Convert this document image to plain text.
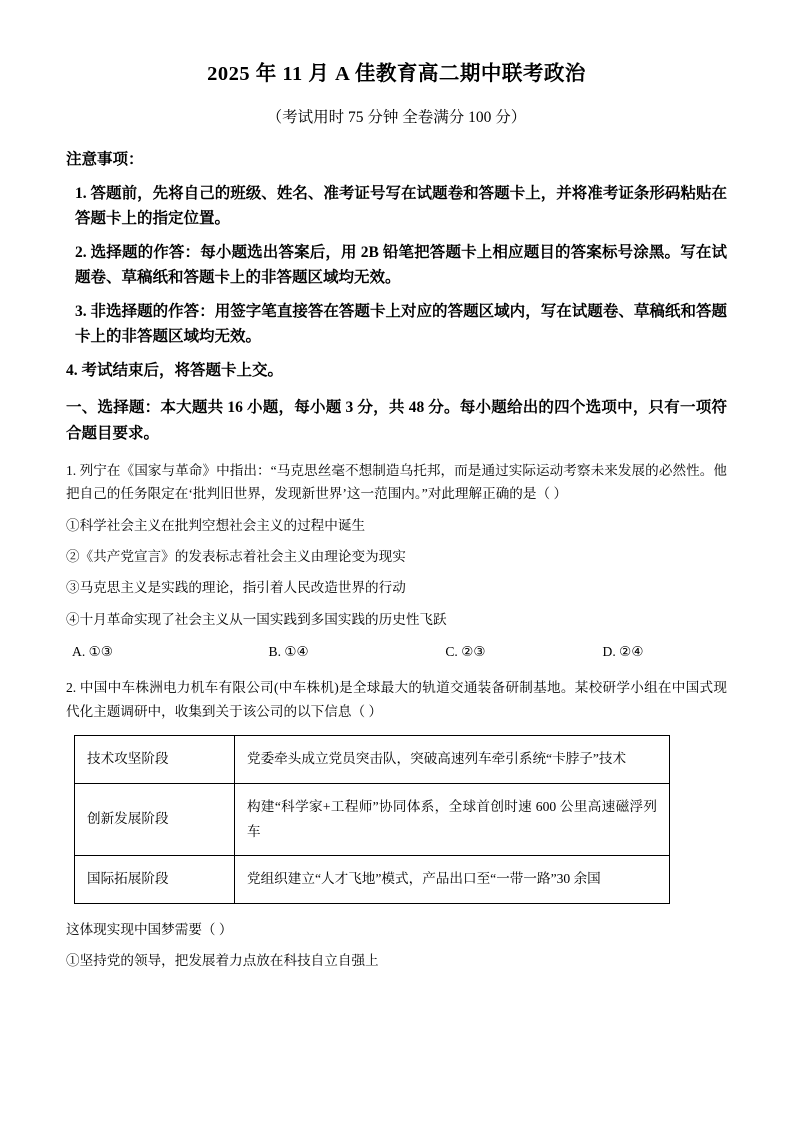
2025 年 11 月 A 佳教育高二期中联考政治
（考试用时 75 分钟 全卷满分 100 分）
注意事项：

1. 答题前，先将自己的班级、姓名、准考证号写在试题卷和答题卡上，并将准考证条形码粘贴在答题卡上的指定位置。

2. 选择题的作答：每小题选出答案后，用 2B 铅笔把答题卡上相应题目的答案标号涂黑。写在试题卷、草稿纸和答题卡上的非答题区域均无效。

3. 非选择题的作答：用签字笔直接答在答题卡上对应的答题区域内，写在试题卷、草稿纸和答题卡上的非答题区域均无效。

4. 考试结束后，将答题卡上交。

一、选择题：本大题共 16 小题，每小题 3 分，共 48 分。每小题给出的四个选项中，只有一项符合题目要求。

1. 列宁在《国家与革命》中指出：“马克思丝毫不想制造乌托邦，而是通过实际运动考察未来发展的必然性。他把自己的任务限定在‘批判旧世界，发现新世界’这一范围内。”对此理解正确的是（ ）

①科学社会主义在批判空想社会主义的过程中诞生

②《共产党宣言》的发表标志着社会主义由理论变为现实

③马克思主义是实践的理论，指引着人民改造世界的行动

④十月革命实现了社会主义从一国实践到多国实践的历史性飞跃

A. ①③	B. ①④	C. ②③	D. ②④

2. 中国中车株洲电力机车有限公司(中车株机)是全球最大的轨道交通装备研制基地。某校研学小组在中国式现代化主题调研中，收集到关于该公司的以下信息（ ）

技术攻坚阶段	党委牵头成立党员突击队，突破高速列车牵引系统“卡脖子”技术
创新发展阶段	构建“科学家+工程师”协同体系，全球首创时速 600 公里高速磁浮列车
国际拓展阶段	党组织建立“人才飞地”模式，产品出口至“一带一路”30 余国

这体现实现中国梦需要（ ）

①坚持党的领导，把发展着力点放在科技自立自强上
